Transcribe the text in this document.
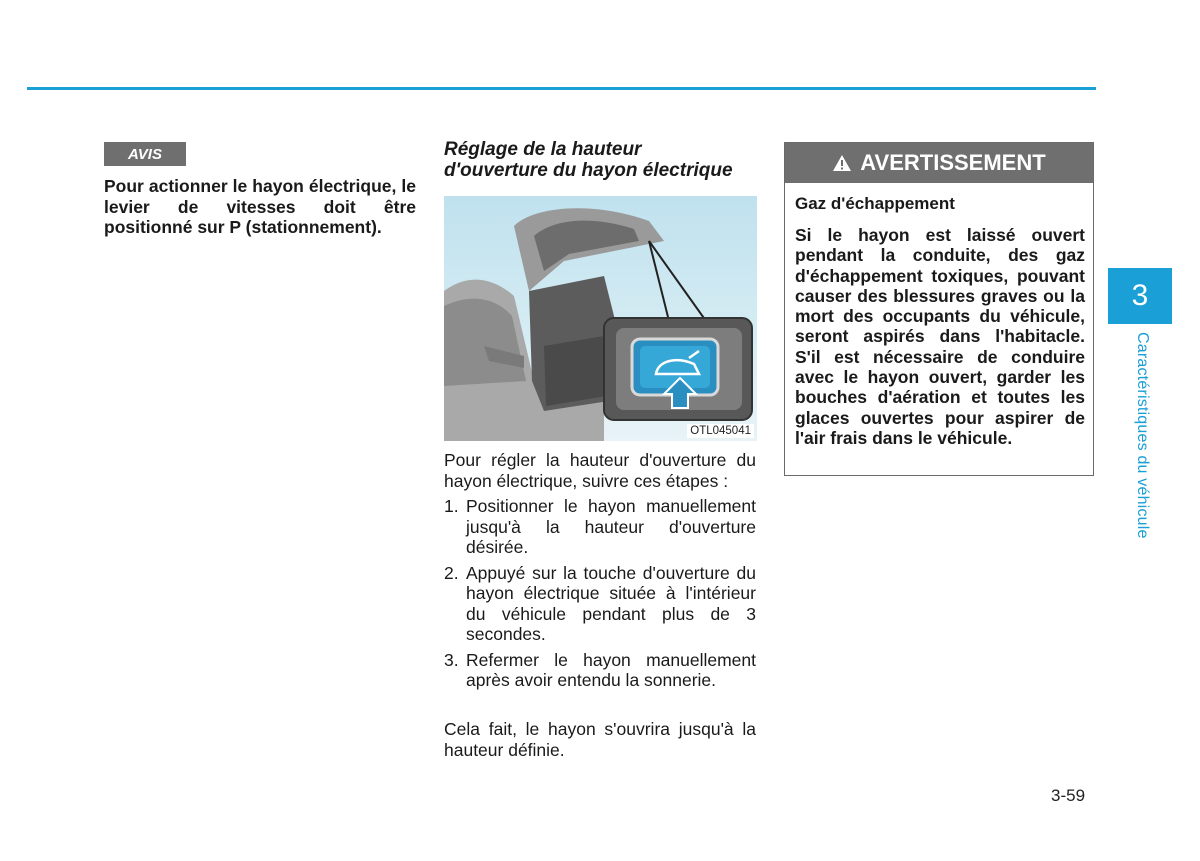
AVIS

Pour actionner le hayon électrique, le levier de vitesses doit être positionné sur P (stationnement).

Réglage de la hauteur
d'ouverture du hayon électrique
OTL045041

Pour régler la hauteur d'ouverture du hayon électrique, suivre ces étapes :

1. Positionner le hayon manuellement jusqu'à la hauteur d'ouverture désirée.
2. Appuyé sur la touche d'ouverture du hayon électrique située à l'intérieur du véhicule pendant plus de 3 secondes.
3. Refermer le hayon manuellement après avoir entendu la sonnerie.

Cela fait, le hayon s'ouvrira jusqu'à la hauteur définie.

AVERTISSEMENT

Gaz d'échappement

Si le hayon est laissé ouvert pendant la conduite, des gaz d'échappement toxiques, pouvant causer des blessures graves ou la mort des occupants du véhicule, seront aspirés dans l'habitacle. S'il est nécessaire de conduire avec le hayon ouvert, garder les bouches d'aération et toutes les glaces ouvertes pour aspirer de l'air frais dans le véhicule.

3
Caractéristiques du véhicule
3-59
